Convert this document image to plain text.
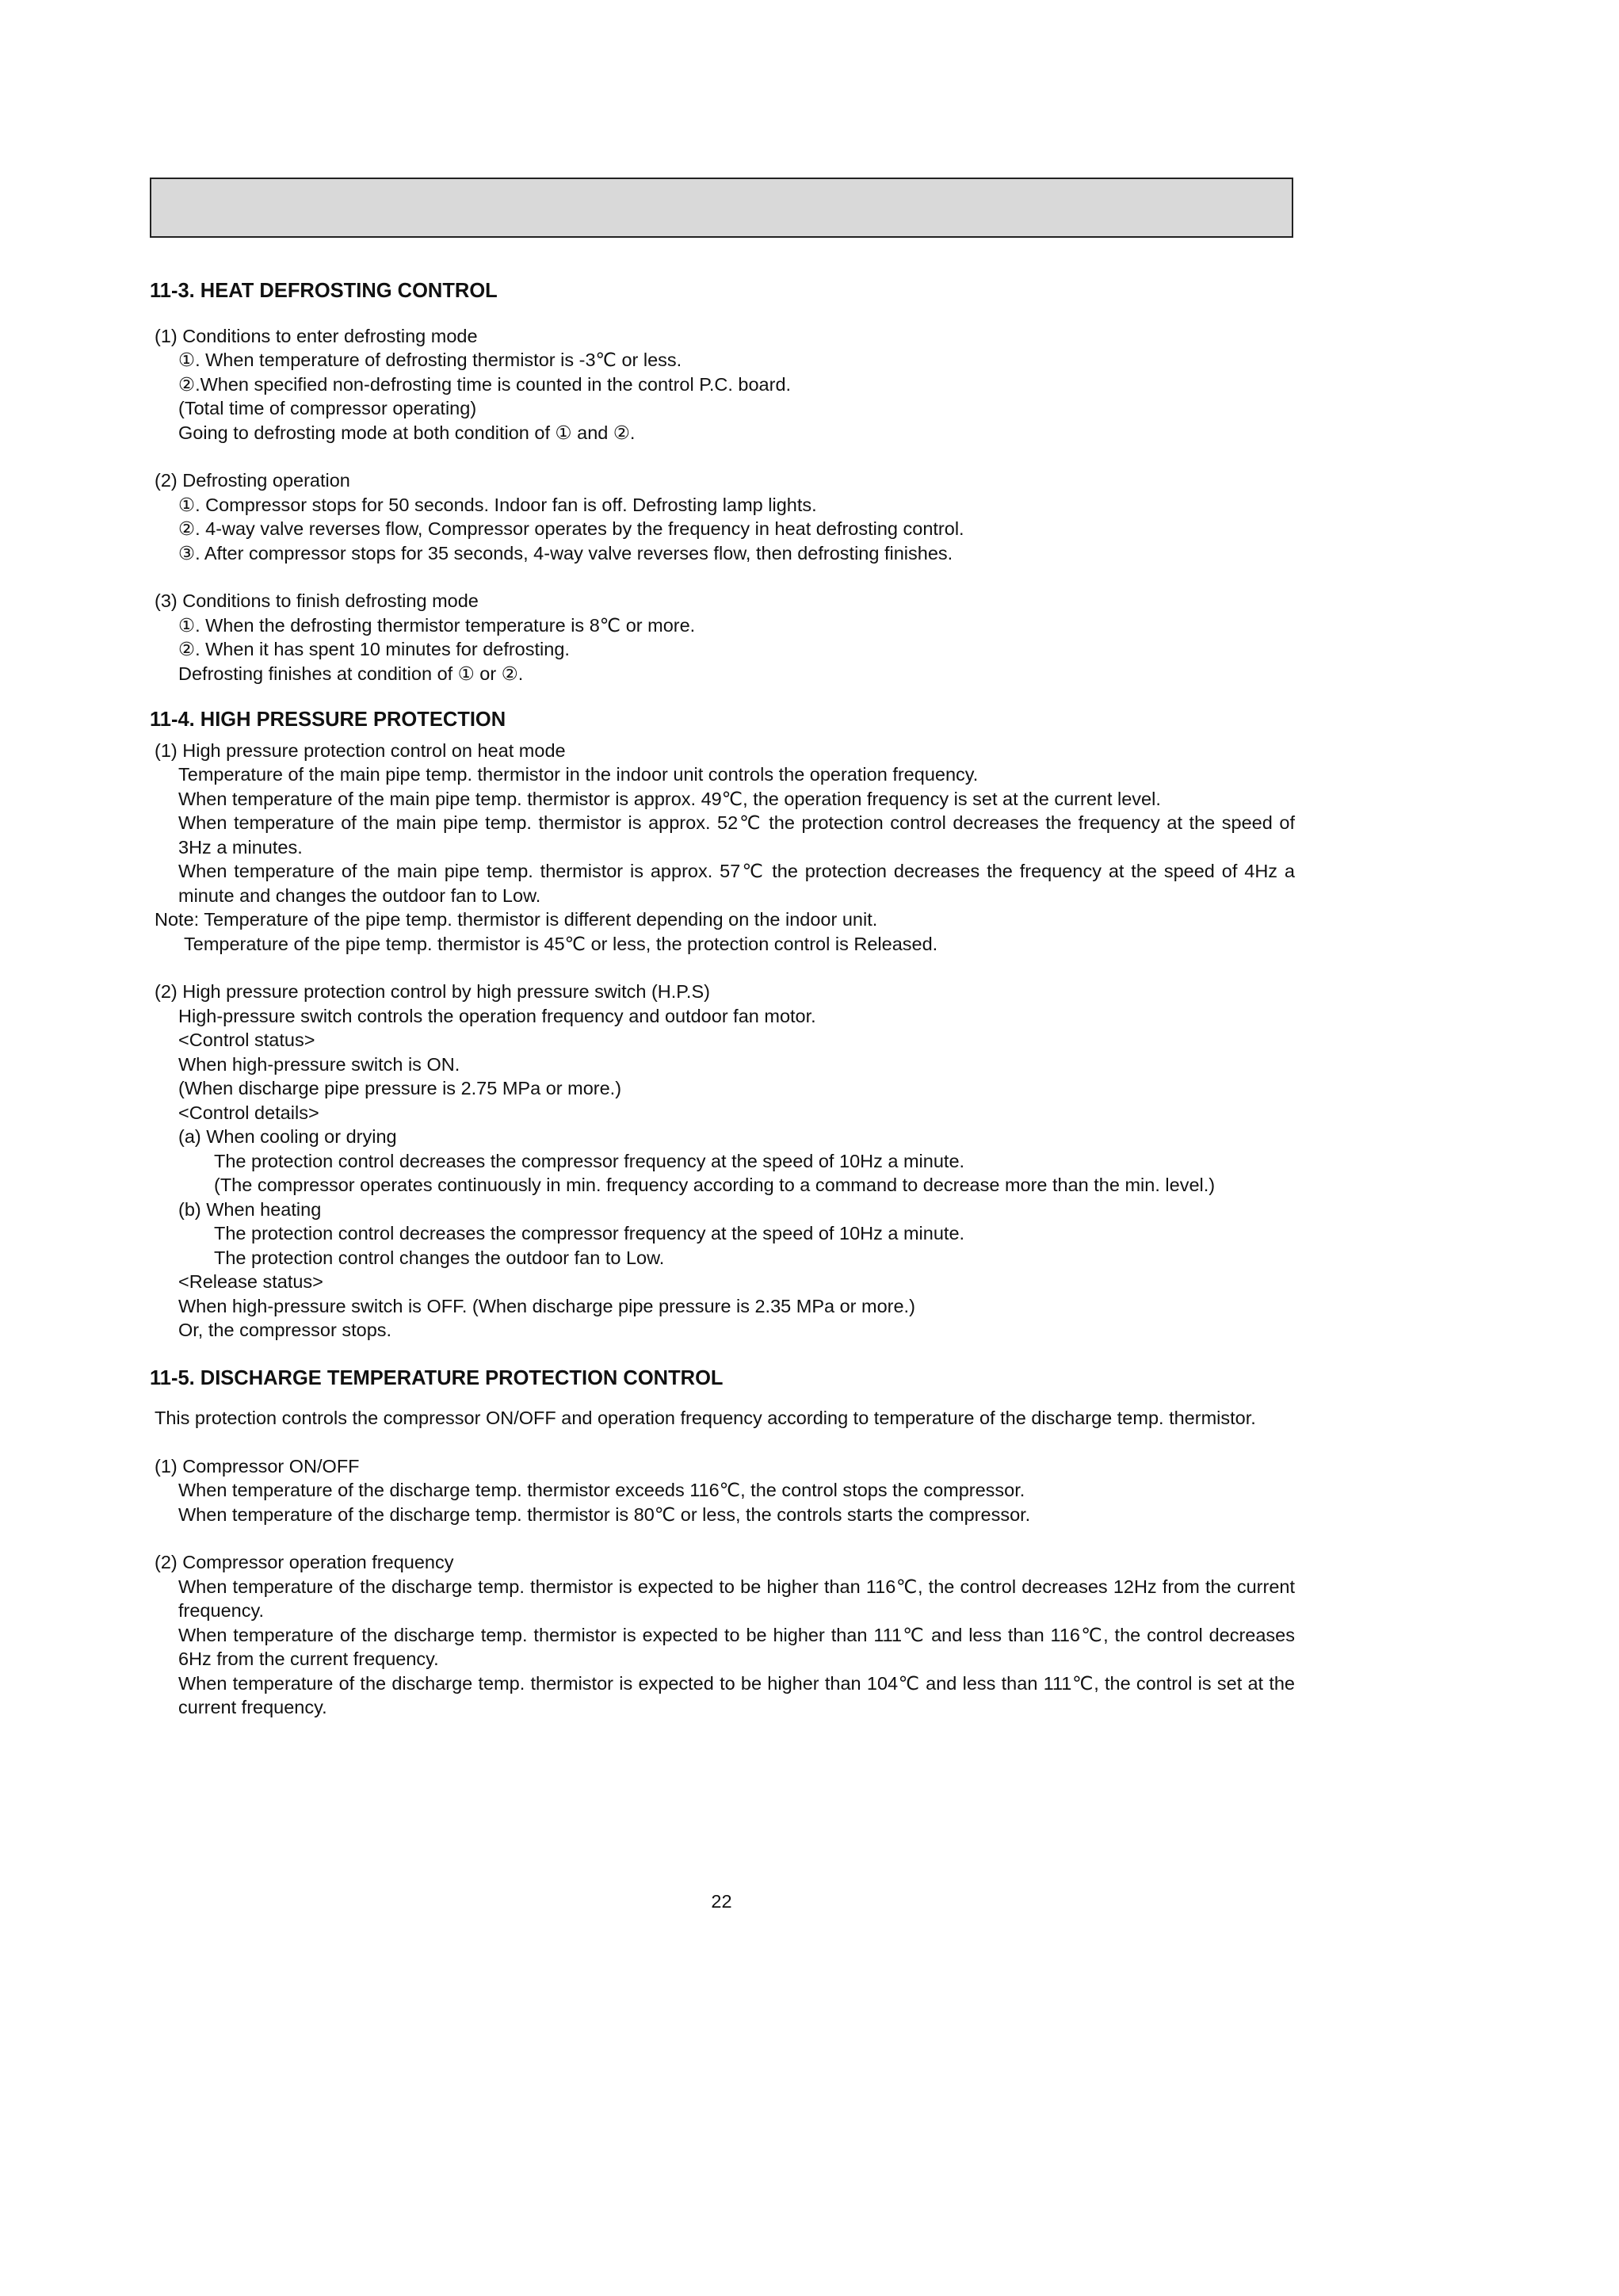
11-3. HEAT DEFROSTING CONTROL

(1) Conditions to enter defrosting mode

①. When temperature of defrosting thermistor is -3℃ or less.

②.When specified non-defrosting time is counted in the control P.C. board.

(Total time of compressor operating)

Going to defrosting mode at both condition of ① and ②.

(2) Defrosting operation

①. Compressor stops for 50 seconds. Indoor fan is off. Defrosting lamp lights.

②. 4-way valve reverses flow, Compressor operates by the frequency in heat defrosting control.

③. After compressor stops for 35 seconds, 4-way valve reverses flow, then defrosting finishes.

(3) Conditions to finish defrosting mode

①. When the defrosting thermistor temperature is 8℃ or more.

②. When it has spent 10 minutes for defrosting.

Defrosting finishes at condition of ① or ②.

11-4. HIGH PRESSURE PROTECTION

(1) High pressure protection control on heat mode

Temperature of the main pipe temp. thermistor in the indoor unit controls the operation frequency.

When temperature of the main pipe temp. thermistor is approx. 49℃, the operation frequency is set at the current level.

When temperature of the main pipe temp. thermistor is approx. 52℃ the protection control decreases the frequency at the speed of 3Hz a minutes.

When temperature of the main pipe temp. thermistor is approx. 57℃ the protection decreases the frequency at the speed of 4Hz a minute and changes the outdoor fan to Low.

Note: Temperature of the pipe temp. thermistor is different depending on the indoor unit.

Temperature of the pipe temp. thermistor is 45℃ or less, the protection control is Released.

(2) High pressure protection control by high pressure switch (H.P.S)

High-pressure switch controls the operation frequency and outdoor fan motor.

<Control status>

When high-pressure switch is ON.

(When discharge pipe pressure is 2.75 MPa or more.)

<Control details>

(a) When cooling or drying

The protection control decreases the compressor frequency at the speed of 10Hz a minute.

(The compressor operates continuously in min. frequency according to a command to decrease more than the min. level.)

(b) When heating

The protection control decreases the compressor frequency at the speed of 10Hz a minute.

The protection control changes the outdoor fan to Low.

<Release status>

When high-pressure switch is OFF. (When discharge pipe pressure is 2.35 MPa or more.)

Or, the compressor stops.

11-5. DISCHARGE TEMPERATURE PROTECTION CONTROL

This protection controls the compressor ON/OFF and operation frequency according to temperature of the discharge temp. thermistor.

(1) Compressor ON/OFF

When temperature of the discharge temp. thermistor exceeds 116℃, the control stops the compressor.

When temperature of the discharge temp. thermistor is 80℃ or less, the controls starts the compressor.

(2) Compressor operation frequency

When temperature of the discharge temp. thermistor is expected to be higher than 116℃, the control decreases 12Hz from the current frequency.

When temperature of the discharge temp. thermistor is expected to be higher than 111℃ and less than 116℃, the control decreases 6Hz from the current frequency.

When temperature of the discharge temp. thermistor is expected to be higher than 104℃ and less than 111℃, the control is set at the current frequency.

22
